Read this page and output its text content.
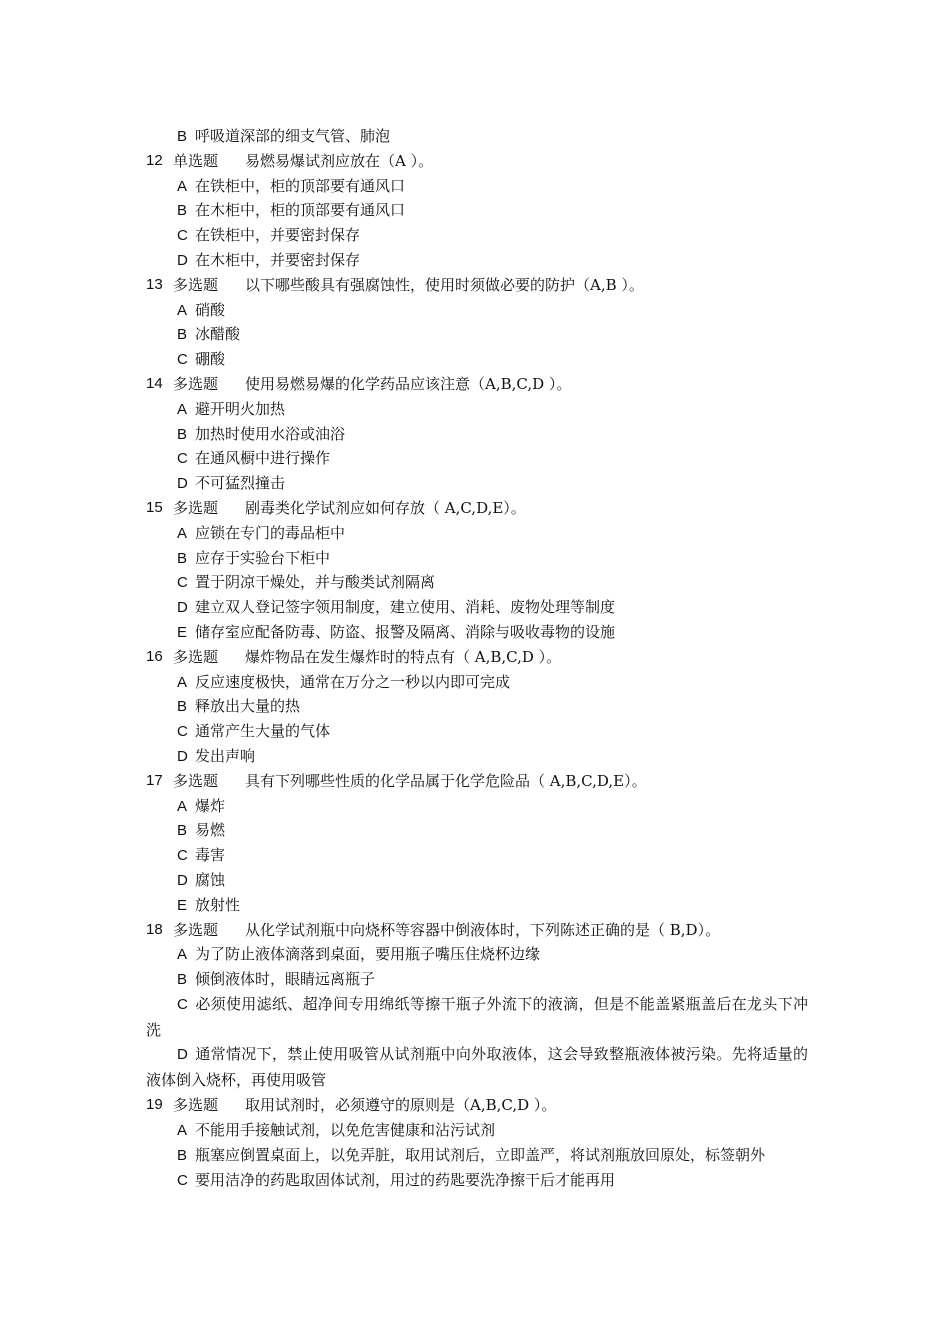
B 呼吸道深部的细支气管、肺泡
12 单选题	易燃易爆试剂应放在（A ）。
A 在铁柜中，柜的顶部要有通风口
B 在木柜中，柜的顶部要有通风口
C 在铁柜中，并要密封保存
D 在木柜中，并要密封保存
13 多选题	以下哪些酸具有强腐蚀性，使用时须做必要的防护（A,B ）。
A 硝酸
B 冰醋酸
C 硼酸
14 多选题	使用易燃易爆的化学药品应该注意（A,B,C,D ）。
A 避开明火加热
B 加热时使用水浴或油浴
C 在通风橱中进行操作
D 不可猛烈撞击
15 多选题	剧毒类化学试剂应如何存放（ A,C,D,E）。
A 应锁在专门的毒品柜中
B 应存于实验台下柜中
C 置于阴凉干燥处，并与酸类试剂隔离
D 建立双人登记签字领用制度，建立使用、消耗、废物处理等制度
E 储存室应配备防毒、防盗、报警及隔离、消除与吸收毒物的设施
16 多选题	爆炸物品在发生爆炸时的特点有（ A,B,C,D ）。
A 反应速度极快，通常在万分之一秒以内即可完成
B 释放出大量的热
C 通常产生大量的气体
D 发出声响
17 多选题	具有下列哪些性质的化学品属于化学危险品（ A,B,C,D,E）。
A 爆炸
B 易燃
C 毒害
D 腐蚀
E 放射性
18 多选题	从化学试剂瓶中向烧杯等容器中倒液体时，下列陈述正确的是（ B,D）。
A 为了防止液体滴落到桌面，要用瓶子嘴压住烧杯边缘
B 倾倒液体时，眼睛远离瓶子
C 必须使用滤纸、超净间专用绵纸等擦干瓶子外流下的液滴，但是不能盖紧瓶盖后在龙头下冲洗
D 通常情况下，禁止使用吸管从试剂瓶中向外取液体，这会导致整瓶液体被污染。先将适量的液体倒入烧杯，再使用吸管
19 多选题	取用试剂时，必须遵守的原则是（A,B,C,D ）。
A 不能用手接触试剂，以免危害健康和沾污试剂
B 瓶塞应倒置桌面上，以免弄脏，取用试剂后，立即盖严，将试剂瓶放回原处，标签朝外
C 要用洁净的药匙取固体试剂，用过的药匙要洗净擦干后才能再用
